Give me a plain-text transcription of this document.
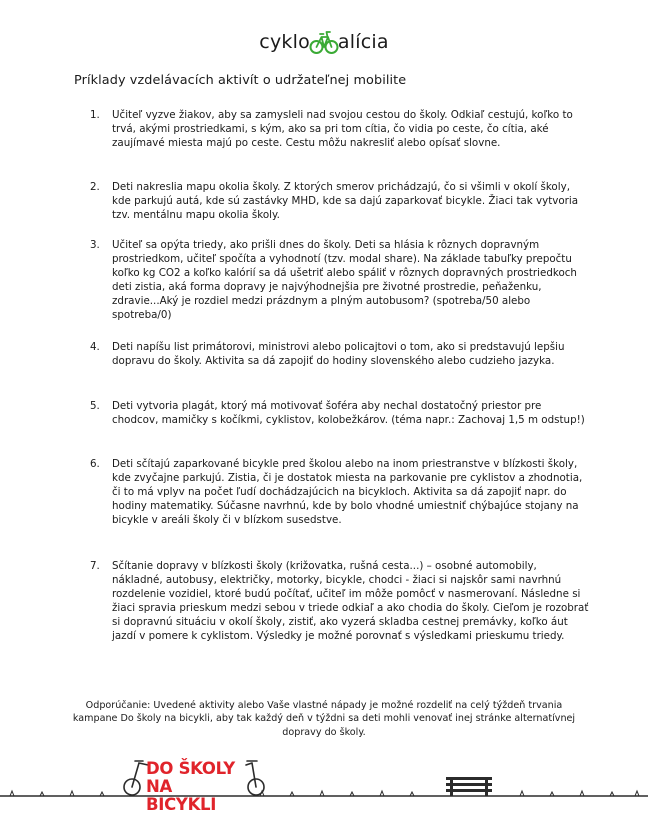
cyklo alícia
Príklady vzdelávacích aktivít o udržateľnej mobilite
1. Učiteľ vyzve žiakov, aby sa zamysleli nad svojou cestou do školy. Odkiaľ cestujú, koľko to trvá, akými prostriedkami, s kým, ako sa pri tom cítia, čo vidia po ceste, čo cítia, aké zaujímavé miesta majú po ceste. Cestu môžu nakresliť alebo opísať slovne.
2. Deti nakreslia mapu okolia školy. Z ktorých smerov prichádzajú, čo si všimli v okolí školy, kde parkujú autá, kde sú zastávky MHD, kde sa dajú zaparkovať bicykle. Žiaci tak vytvoria tzv. mentálnu mapu okolia školy.
3. Učiteľ sa opýta triedy, ako prišli dnes do školy. Deti sa hlásia k rôznych dopravným prostriedkom, učiteľ spočíta a vyhodnotí (tzv. modal share). Na základe tabuľky prepočtu koľko kg CO2 a koľko kalórií sa dá ušetriť alebo spáliť v rôznych dopravných prostriedkoch deti zistia, aká forma dopravy je najvýhodnejšia pre životné prostredie, peňaženku, zdravie...Aký je rozdiel medzi prázdnym a plným autobusom? (spotreba/50 alebo spotreba/0)
4. Deti napíšu list primátorovi, ministrovi alebo policajtovi o tom, ako si predstavujú lepšiu dopravu do školy. Aktivita sa dá zapojiť do hodiny slovenského alebo cudzieho jazyka.
5. Deti vytvoria plagát, ktorý má motivovať šoféra aby nechal dostatočný priestor pre chodcov, mamičky s kočíkmi, cyklistov, kolobežkárov. (téma napr.: Zachovaj 1,5 m odstup!)
6. Deti sčítajú zaparkované bicykle pred školou alebo na inom priestranstve v blízkosti školy, kde zvyčajne parkujú. Zistia, či je dostatok miesta na parkovanie pre cyklistov a zhodnotia, či to má vplyv na počet ľudí dochádzajúcich na bicykloch. Aktivita sa dá zapojiť napr. do hodiny matematiky. Súčasne navrhnú, kde by bolo vhodné umiestniť chýbajúce stojany na bicykle v areáli školy či v blízkom susedstve.
7. Sčítanie dopravy v blízkosti školy (križovatka, rušná cesta...) – osobné automobily, nákladné, autobusy, električky, motorky, bicykle, chodci - žiaci si najskôr sami navrhnú rozdelenie vozidiel, ktoré budú počítať, učiteľ im môže pomôcť v nasmerovaní. Následne si žiaci spravia prieskum medzi sebou v triede odkiaľ a ako chodia do školy. Cieľom je rozobrať si dopravnú situáciu v okolí školy, zistiť, ako vyzerá skladba cestnej premávky, koľko áut jazdí v pomere k cyklistom. Výsledky je možné porovnať s výsledkami prieskumu triedy.

Odporúčanie: Uvedené aktivity alebo Vaše vlastné nápady je možné rozdeliť na celý týždeň trvania kampane Do školy na bicykli, aby tak každý deň v týždni sa deti mohli venovať inej stránke alternatívnej dopravy do školy.

DO ŠKOLY
NA BICYKLI
